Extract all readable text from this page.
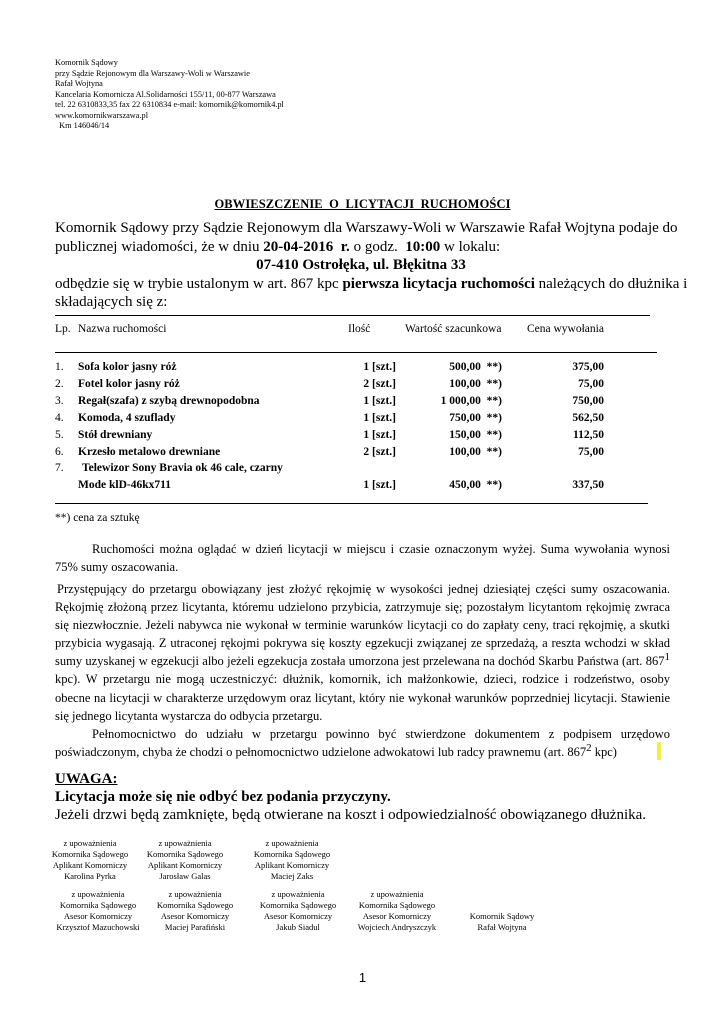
Komornik Sądowy
przy Sądzie Rejonowym dla Warszawy-Woli w Warszawie
Rafał Wojtyna
Kancelaria Komornicza Al.Solidarności 155/11, 00-877 Warszawa
tel. 22 6310833,35 fax 22 6310834 e-mail: komornik@komornik4.pl
www.komornikwarszawa.pl
Km 146046/14
OBWIESZCZENIE  O  LICYTACJI  RUCHOMOŚCI
Komornik Sądowy przy Sądzie Rejonowym dla Warszawy-Woli w Warszawie Rafał Wojtyna podaje do
publicznej wiadomości, że w dniu 20-04-2016  r. o godz.  10:00 w lokalu:
07-410 Ostrołęka, ul. Błękitna 33
odbędzie się w trybie ustalonym w art. 867 kpc pierwsza licytacja ruchomości należących do dłużnika i
składających się z:
Lp. Nazwa ruchomości	Ilość	Wartość szacunkowa Cena wywołania
1. Sofa kolor jasny róż	1 [szt.]	500,00  **)	375,00
2. Fotel kolor jasny róż	2 [szt.]	100,00  **)	75,00
3. Regał(szafa) z szybą drewnopodobna	1 [szt.]	1 000,00  **)	750,00
4. Komoda, 4 szuflady	1 [szt.]	750,00  **)	562,50
5. Stół drewniany	1 [szt.]	150,00  **)	112,50
6. Krzesło metalowo drewniane	2 [szt.]	100,00  **)	75,00
7. Telewizor Sony Bravia ok 46 cale, czarny
Mode klD-46kx711	1 [szt.]	450,00  **)	337,50
**) cena za sztukę

Ruchomości można oglądać w dzień licytacji w miejscu i czasie oznaczonym wyżej. Suma wywołania wynosi 75% sumy oszacowania.

Przystępujący do przetargu obowiązany jest złożyć rękojmię w wysokości jednej dziesiątej części sumy oszacowania. Rękojmię złożoną przez licytanta, któremu udzielono przybicia, zatrzymuje się; pozostałym licytantom rękojmię zwraca się niezwłocznie. Jeżeli nabywca nie wykonał w terminie warunków licytacji co do zapłaty ceny, traci rękojmię, a skutki przybicia wygasają. Z utraconej rękojmi pokrywa się koszty egzekucji związanej ze sprzedażą, a reszta wchodzi w skład sumy uzyskanej w egzekucji albo jeżeli egzekucja została umorzona jest przelewana na dochód Skarbu Państwa (art. $867^1$ kpc). W przetargu nie mogą uczestniczyć: dłużnik, komornik, ich małżonkowie, dzieci, rodzice i rodzeństwo, osoby obecne na licytacji w charakterze urzędowym oraz licytant, który nie wykonał warunków poprzedniej licytacji. Stawienie się jednego licytanta wystarcza do odbycia przetargu.

Pełnomocnictwo do udziału w przetargu powinno być stwierdzone dokumentem z podpisem urzędowo poświadczonym, chyba że chodzi o pełnomocnictwo udzielone adwokatowi lub radcy prawnemu (art. $867^2$ kpc)

UWAGA:
Licytacja może się nie odbyć bez podania przyczyny.
Jeżeli drzwi będą zamknięte, będą otwierane na koszt i odpowiedzialność obowiązanego dłużnika.
z upoważnienia
Komornika Sądowego
Aplikant Komorniczy
Karolina Pyrka
z upoważnienia
Komornika Sądowego
Aplikant Komorniczy
Jarosław Galas
z upoważnienia
Komornika Sądowego
Aplikant Komorniczy
Maciej Zaks
z upoważnienia
Komornika Sądowego
Asesor Komorniczy
Krzysztof Mazuchowski
z upoważnienia
Komornika Sądowego
Asesor Komorniczy
Maciej Parafiński
z upoważnienia
Komornika Sądowego
Asesor Komorniczy
Jakub Siadul
z upoważnienia
Komornika Sądowego
Asesor Komorniczy
Wojciech Andryszczyk
Komornik Sądowy
Rafał Wojtyna
1
